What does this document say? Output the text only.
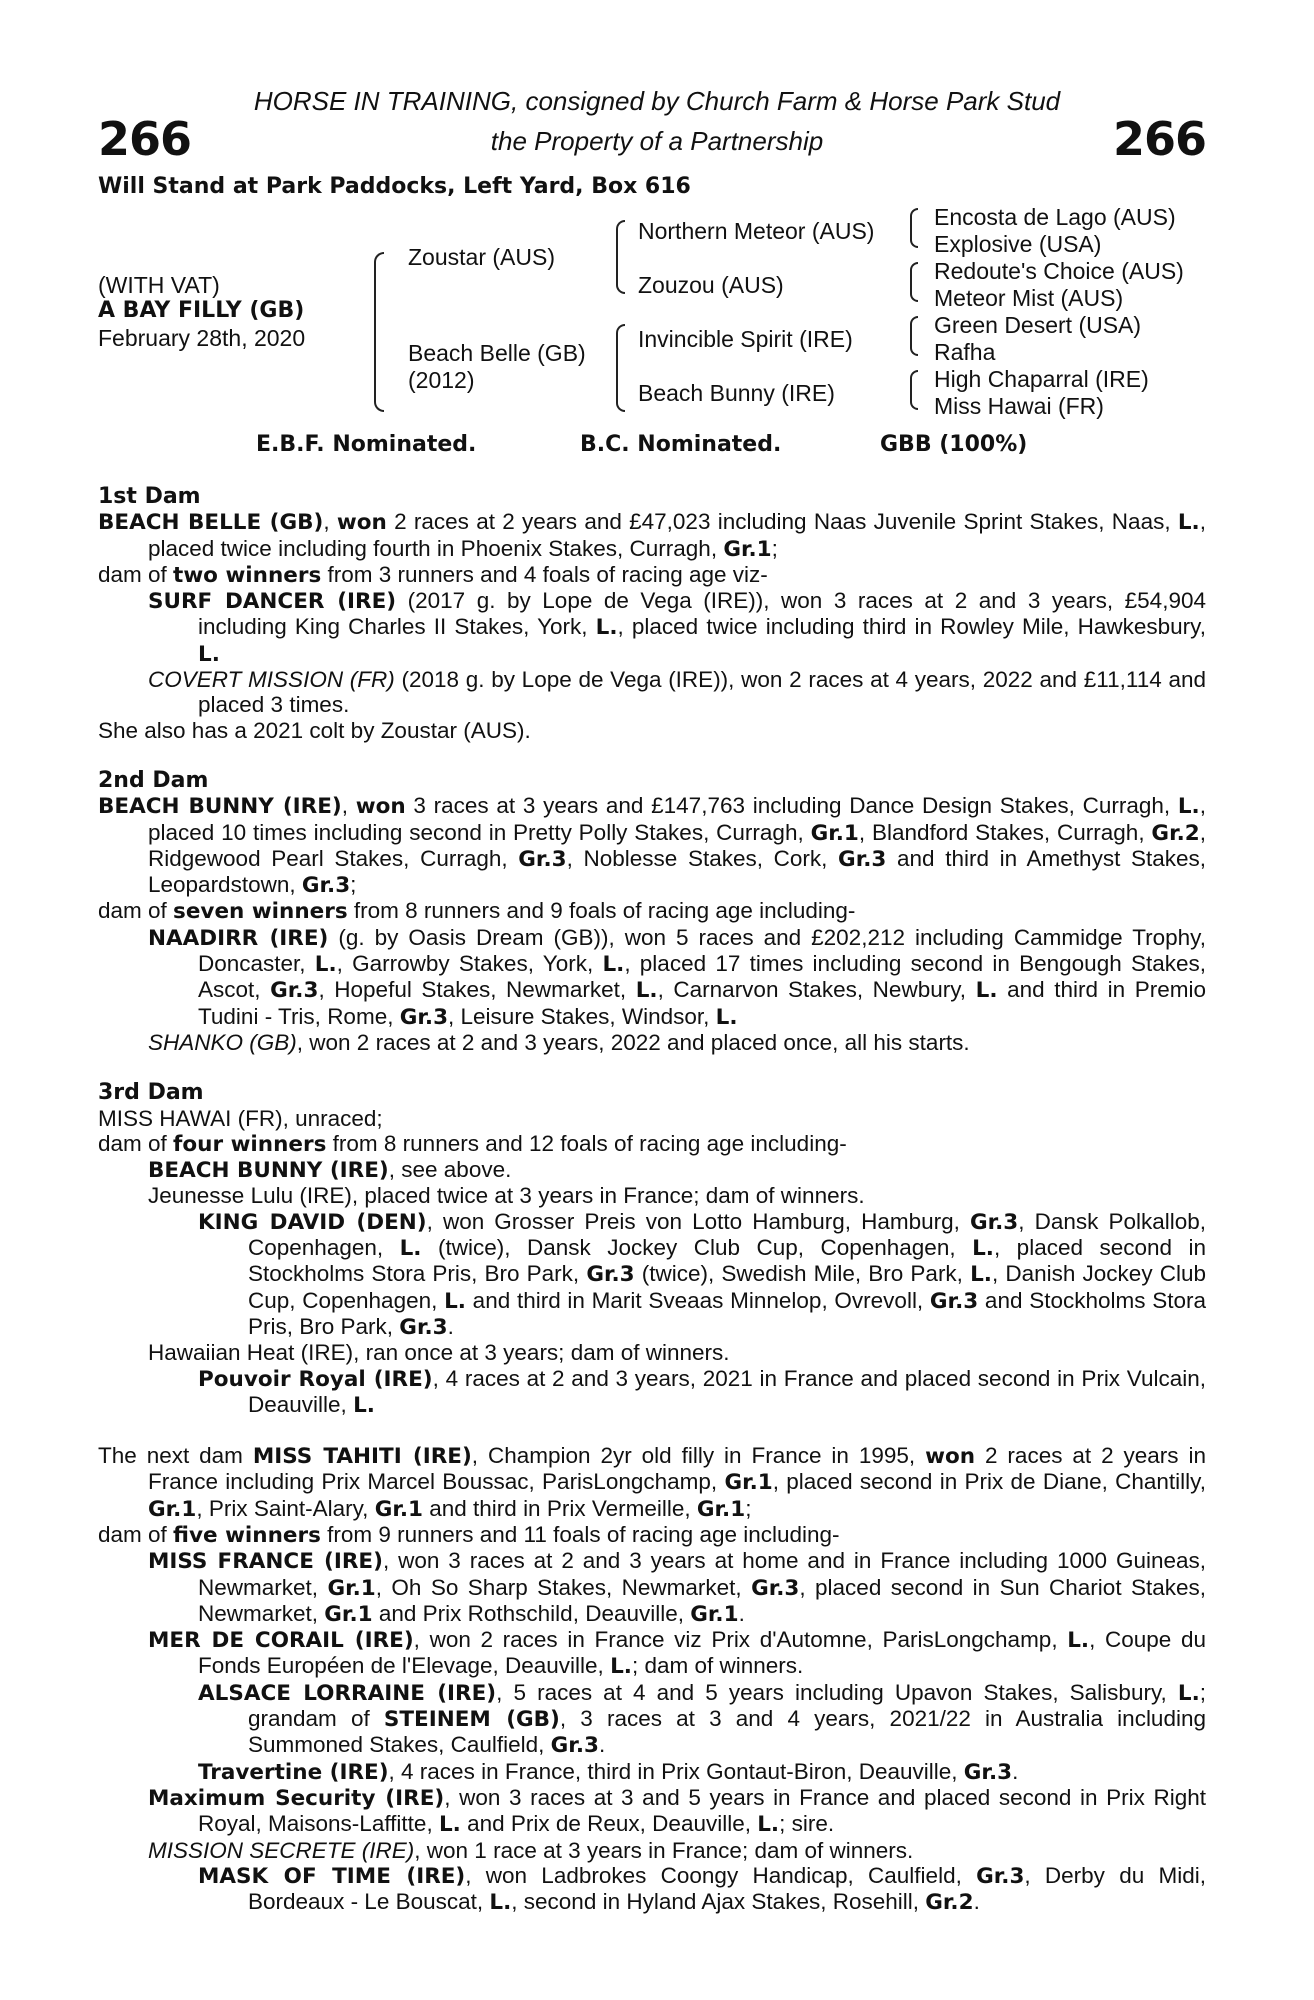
HORSE IN TRAINING, consigned by Church Farm & Horse Park Stud
the Property of a Partnership
266	266
Will Stand at Park Paddocks, Left Yard, Box 616
(WITH VAT)
A BAY FILLY (GB)
February 28th, 2020
Zoustar (AUS)
Beach Belle (GB)
(2012)
Northern Meteor (AUS)
Zouzou (AUS)
Invincible Spirit (IRE)
Beach Bunny (IRE)
Encosta de Lago (AUS)
Explosive (USA)
Redoute's Choice (AUS)
Meteor Mist (AUS)
Green Desert (USA)
Rafha
High Chaparral (IRE)
Miss Hawai (FR)
E.B.F. Nominated.	B.C. Nominated.	GBB (100%)
1st Dam
BEACH BELLE (GB), won 2 races at 2 years and £47,023 including Naas Juvenile Sprint Stakes, Naas, L., placed twice including fourth in Phoenix Stakes, Curragh, Gr.1;
dam of two winners from 3 runners and 4 foals of racing age viz-
SURF DANCER (IRE) (2017 g. by Lope de Vega (IRE)), won 3 races at 2 and 3 years, £54,904 including King Charles II Stakes, York, L., placed twice including third in Rowley Mile, Hawkesbury, L.
COVERT MISSION (FR) (2018 g. by Lope de Vega (IRE)), won 2 races at 4 years, 2022 and £11,114 and placed 3 times.
She also has a 2021 colt by Zoustar (AUS).
2nd Dam
BEACH BUNNY (IRE), won 3 races at 3 years and £147,763 including Dance Design Stakes, Curragh, L., placed 10 times including second in Pretty Polly Stakes, Curragh, Gr.1, Blandford Stakes, Curragh, Gr.2, Ridgewood Pearl Stakes, Curragh, Gr.3, Noblesse Stakes, Cork, Gr.3 and third in Amethyst Stakes, Leopardstown, Gr.3;
dam of seven winners from 8 runners and 9 foals of racing age including-
NAADIRR (IRE) (g. by Oasis Dream (GB)), won 5 races and £202,212 including Cammidge Trophy, Doncaster, L., Garrowby Stakes, York, L., placed 17 times including second in Bengough Stakes, Ascot, Gr.3, Hopeful Stakes, Newmarket, L., Carnarvon Stakes, Newbury, L. and third in Premio Tudini - Tris, Rome, Gr.3, Leisure Stakes, Windsor, L.
SHANKO (GB), won 2 races at 2 and 3 years, 2022 and placed once, all his starts.
3rd Dam
MISS HAWAI (FR), unraced;
dam of four winners from 8 runners and 12 foals of racing age including-
BEACH BUNNY (IRE), see above.
Jeunesse Lulu (IRE), placed twice at 3 years in France; dam of winners.
KING DAVID (DEN), won Grosser Preis von Lotto Hamburg, Hamburg, Gr.3, Dansk Polkallob, Copenhagen, L. (twice), Dansk Jockey Club Cup, Copenhagen, L., placed second in Stockholms Stora Pris, Bro Park, Gr.3 (twice), Swedish Mile, Bro Park, L., Danish Jockey Club Cup, Copenhagen, L. and third in Marit Sveaas Minnelop, Ovrevoll, Gr.3 and Stockholms Stora Pris, Bro Park, Gr.3.
Hawaiian Heat (IRE), ran once at 3 years; dam of winners.
Pouvoir Royal (IRE), 4 races at 2 and 3 years, 2021 in France and placed second in Prix Vulcain, Deauville, L.
The next dam MISS TAHITI (IRE), Champion 2yr old filly in France in 1995, won 2 races at 2 years in France including Prix Marcel Boussac, ParisLongchamp, Gr.1, placed second in Prix de Diane, Chantilly, Gr.1, Prix Saint-Alary, Gr.1 and third in Prix Vermeille, Gr.1;
dam of five winners from 9 runners and 11 foals of racing age including-
MISS FRANCE (IRE), won 3 races at 2 and 3 years at home and in France including 1000 Guineas, Newmarket, Gr.1, Oh So Sharp Stakes, Newmarket, Gr.3, placed second in Sun Chariot Stakes, Newmarket, Gr.1 and Prix Rothschild, Deauville, Gr.1.
MER DE CORAIL (IRE), won 2 races in France viz Prix d'Automne, ParisLongchamp, L., Coupe du Fonds Européen de l'Elevage, Deauville, L.; dam of winners.
ALSACE LORRAINE (IRE), 5 races at 4 and 5 years including Upavon Stakes, Salisbury, L.; grandam of STEINEM (GB), 3 races at 3 and 4 years, 2021/22 in Australia including Summoned Stakes, Caulfield, Gr.3.
Travertine (IRE), 4 races in France, third in Prix Gontaut-Biron, Deauville, Gr.3.
Maximum Security (IRE), won 3 races at 3 and 5 years in France and placed second in Prix Right Royal, Maisons-Laffitte, L. and Prix de Reux, Deauville, L.; sire.
MISSION SECRETE (IRE), won 1 race at 3 years in France; dam of winners.
MASK OF TIME (IRE), won Ladbrokes Coongy Handicap, Caulfield, Gr.3, Derby du Midi, Bordeaux - Le Bouscat, L., second in Hyland Ajax Stakes, Rosehill, Gr.2.
